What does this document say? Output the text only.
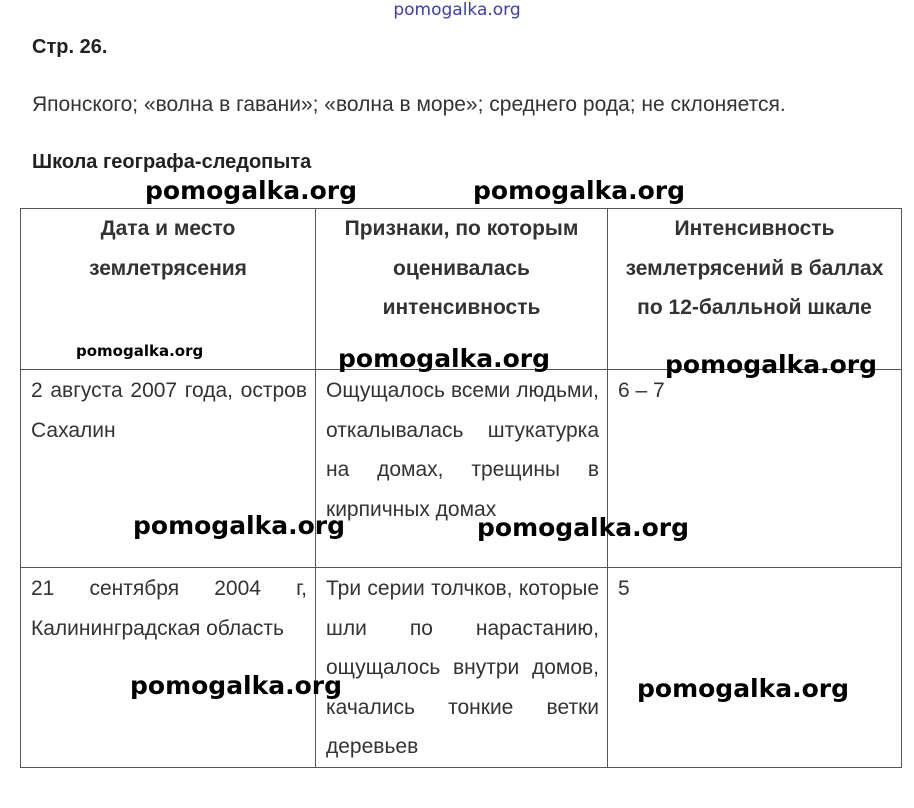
pomogalka.org
Стр. 26.
Японского; «волна в гавани»; «волна в море»; среднего рода; не склоняется.
Школа географа-следопыта
Дата и место землетрясения	Признаки, по которым оценивалась интенсивность	Интенсивность землетрясений в баллах по 12-балльной шкале
2 августа 2007 года, остров Сахалин	Ощущалось всеми людьми, откалывалась штукатурка на домах, трещины в кирпичных домах	6 – 7
21 сентября 2004 г, Калининградская область	Три серии толчков, которые шли по нарастанию, ощущалось внутри домов, качались тонкие ветки деревьев	5
pomogalka.org	pomogalka.org
pomogalka.org	pomogalka.org	pomogalka.org
pomogalka.org	pomogalka.org
pomogalka.org	pomogalka.org
